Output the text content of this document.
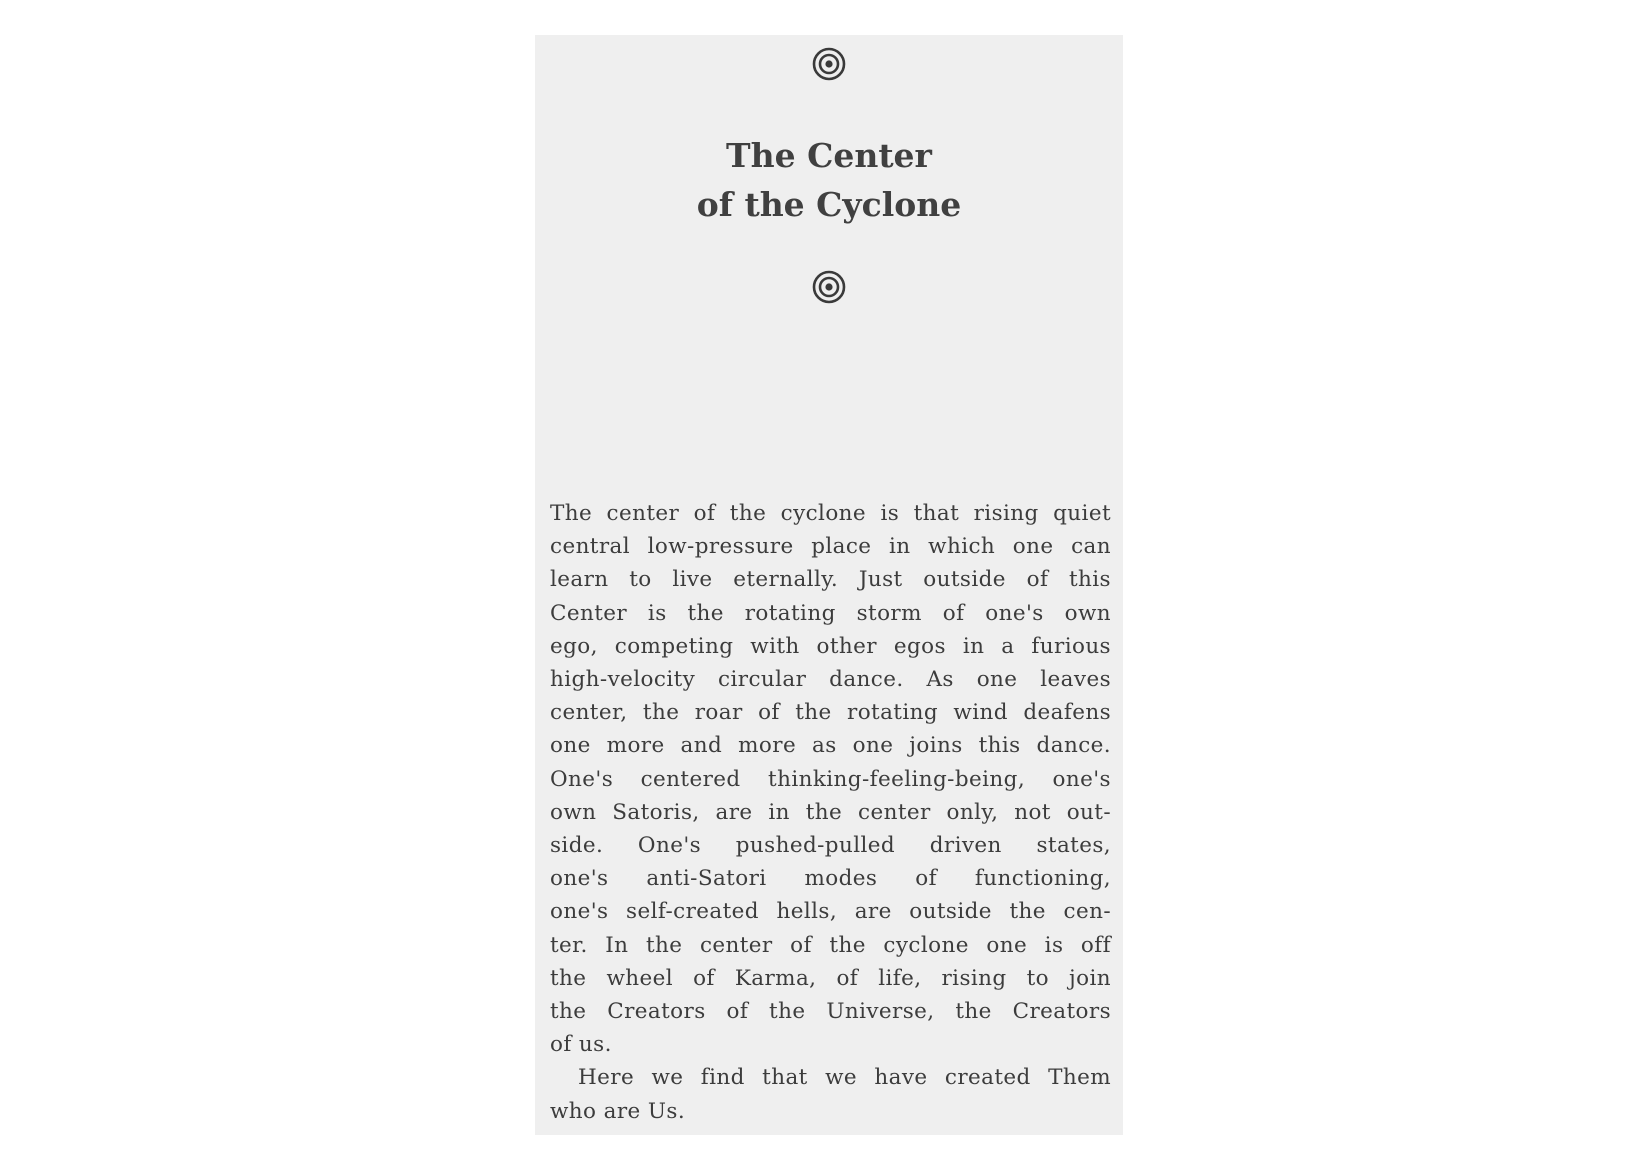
The Center
of the Cyclone
The center of the cyclone is that rising quiet
central low-pressure place in which one can
learn to live eternally. Just outside of this
Center is the rotating storm of one's own
ego, competing with other egos in a furious
high-velocity circular dance. As one leaves
center, the roar of the rotating wind deafens
one more and more as one joins this dance.
One's centered thinking-feeling-being, one's
own Satoris, are in the center only, not out-
side. One's pushed-pulled driven states,
one's anti-Satori modes of functioning,
one's self-created hells, are outside the cen-
ter. In the center of the cyclone one is off
the wheel of Karma, of life, rising to join
the Creators of the Universe, the Creators
of us.
Here we find that we have created Them
who are Us.
